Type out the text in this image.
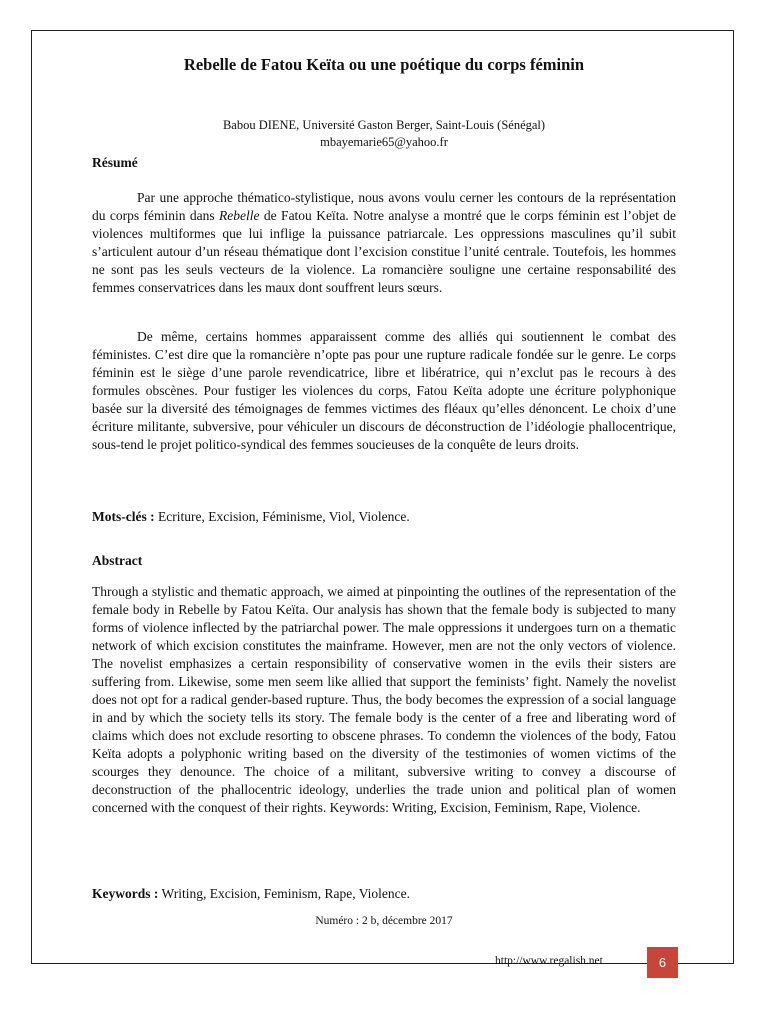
Rebelle de Fatou Keïta ou une poétique du corps féminin
Babou DIENE, Université Gaston Berger, Saint-Louis (Sénégal)
mbayemarie65@yahoo.fr
Résumé

Par une approche thématico-stylistique, nous avons voulu cerner les contours de la représentation du corps féminin dans Rebelle de Fatou Keïta. Notre analyse a montré que le corps féminin est l’objet de violences multiformes que lui inflige la puissance patriarcale. Les oppressions masculines qu’il subit s’articulent autour d’un réseau thématique dont l’excision constitue l’unité centrale. Toutefois, les hommes ne sont pas les seuls vecteurs de la violence. La romancière souligne une certaine responsabilité des femmes conservatrices dans les maux dont souffrent leurs sœurs.

De même, certains hommes apparaissent comme des alliés qui soutiennent le combat des féministes. C’est dire que la romancière n’opte pas pour une rupture radicale fondée sur le genre. Le corps féminin est le siège d’une parole revendicatrice, libre et libératrice, qui n’exclut pas le recours à des formules obscènes. Pour fustiger les violences du corps, Fatou Keïta adopte une écriture polyphonique basée sur la diversité des témoignages de femmes victimes des fléaux qu’elles dénoncent. Le choix d’une écriture militante, subversive, pour véhiculer un discours de déconstruction de l’idéologie phallocentrique, sous-tend le projet politico-syndical des femmes soucieuses de la conquête de leurs droits.

Mots-clés : Ecriture, Excision, Féminisme, Viol, Violence.
Abstract

Through a stylistic and thematic approach, we aimed at pinpointing the outlines of the representation of the female body in Rebelle by Fatou Keïta. Our analysis has shown that the female body is subjected to many forms of violence inflected by the patriarchal power. The male oppressions it undergoes turn on a thematic network of which excision constitutes the mainframe. However, men are not the only vectors of violence. The novelist emphasizes a certain responsibility of conservative women in the evils their sisters are suffering from. Likewise, some men seem like allied that support the feminists’ fight. Namely the novelist does not opt for a radical gender-based rupture. Thus, the body becomes the expression of a social language in and by which the society tells its story. The female body is the center of a free and liberating word of claims which does not exclude resorting to obscene phrases. To condemn the violences of the body, Fatou Keïta adopts a polyphonic writing based on the diversity of the testimonies of women victims of the scourges they denounce. The choice of a militant, subversive writing to convey a discourse of deconstruction of the phallocentric ideology, underlies the trade union and political plan of women concerned with the conquest of their rights. Keywords: Writing, Excision, Feminism, Rape, Violence.

Keywords : Writing, Excision, Feminism, Rape, Violence.
Numéro : 2 b, décembre 2017
http://www.regalish.net	6
